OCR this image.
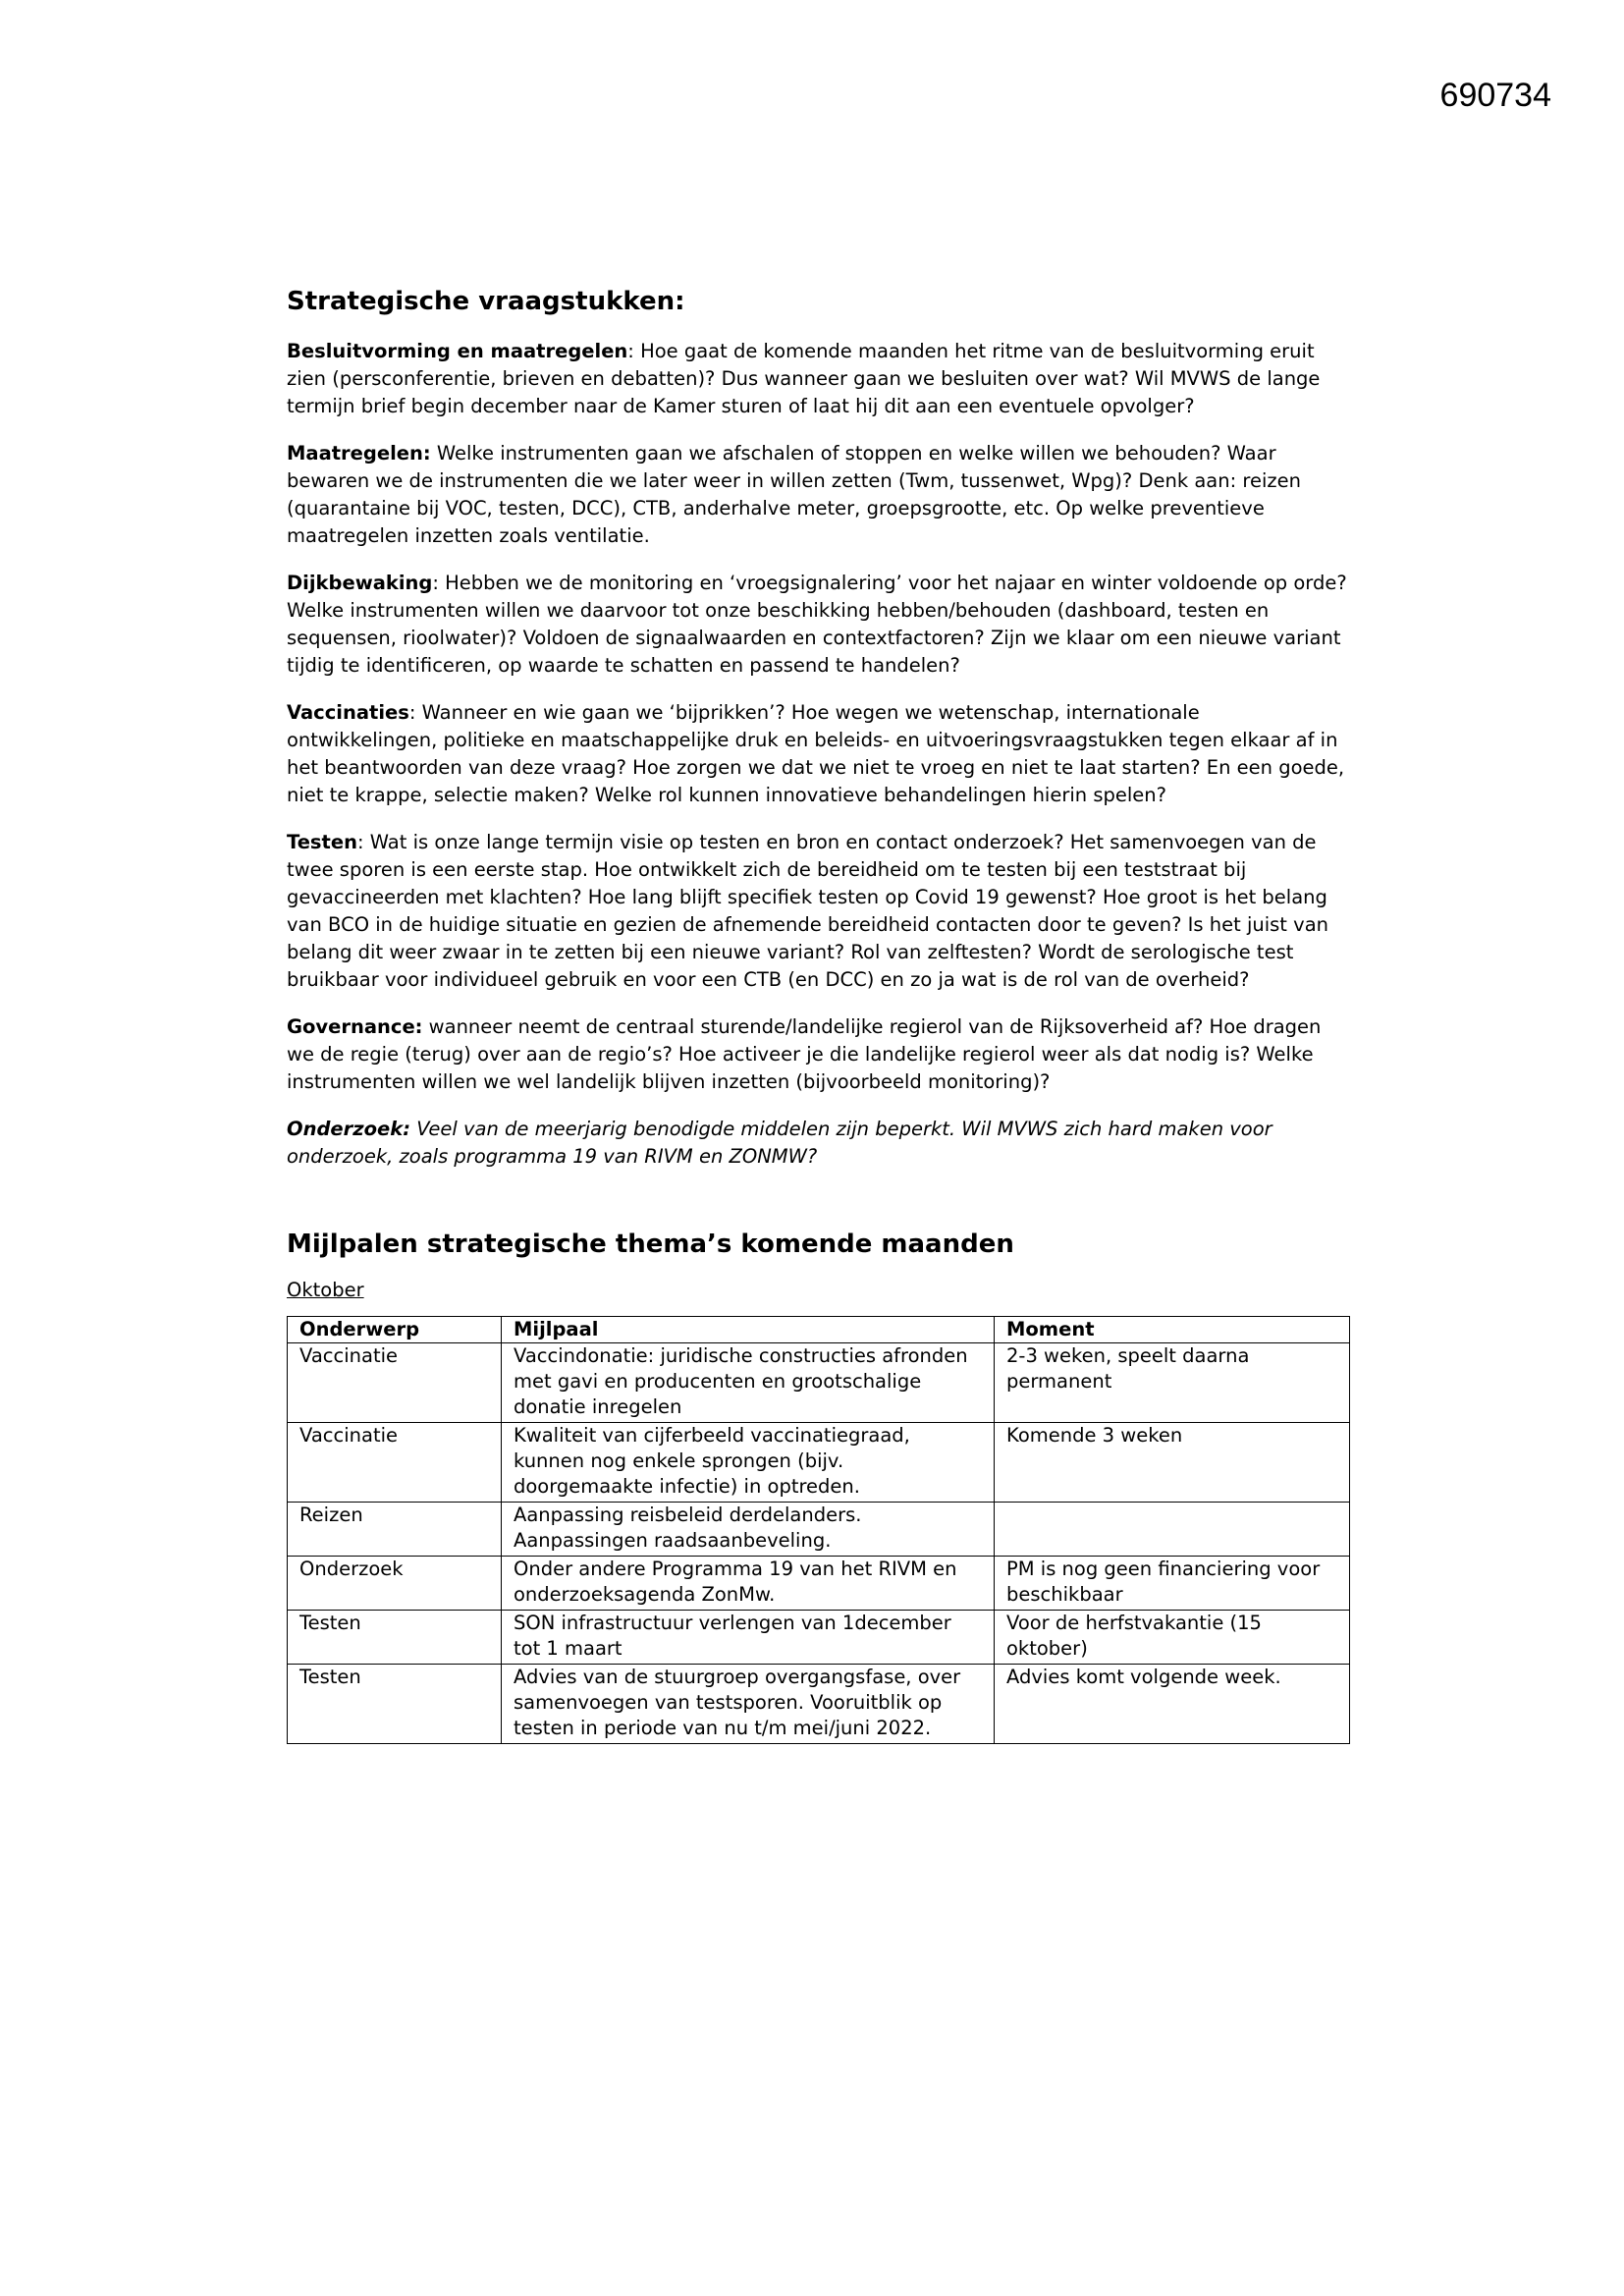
690734
Strategische vraagstukken:

Besluitvorming en maatregelen: Hoe gaat de komende maanden het ritme van de besluitvorming eruit zien (persconferentie, brieven en debatten)? Dus wanneer gaan we besluiten over wat? Wil MVWS de lange termijn brief begin december naar de Kamer sturen of laat hij dit aan een eventuele opvolger?

Maatregelen: Welke instrumenten gaan we afschalen of stoppen en welke willen we behouden? Waar bewaren we de instrumenten die we later weer in willen zetten (Twm, tussenwet, Wpg)? Denk aan: reizen (quarantaine bij VOC, testen, DCC), CTB, anderhalve meter, groepsgrootte, etc. Op welke preventieve maatregelen inzetten zoals ventilatie.

Dijkbewaking: Hebben we de monitoring en ‘vroegsignalering’ voor het najaar en winter voldoende op orde? Welke instrumenten willen we daarvoor tot onze beschikking hebben/behouden (dashboard, testen en sequensen, rioolwater)? Voldoen de signaalwaarden en contextfactoren? Zijn we klaar om een nieuwe variant tijdig te identificeren, op waarde te schatten en passend te handelen?

Vaccinaties: Wanneer en wie gaan we ‘bijprikken’? Hoe wegen we wetenschap, internationale ontwikkelingen, politieke en maatschappelijke druk en beleids- en uitvoeringsvraagstukken tegen elkaar af in het beantwoorden van deze vraag? Hoe zorgen we dat we niet te vroeg en niet te laat starten? En een goede, niet te krappe, selectie maken? Welke rol kunnen innovatieve behandelingen hierin spelen?

Testen: Wat is onze lange termijn visie op testen en bron en contact onderzoek? Het samenvoegen van de twee sporen is een eerste stap. Hoe ontwikkelt zich de bereidheid om te testen bij een teststraat bij gevaccineerden met klachten? Hoe lang blijft specifiek testen op Covid 19 gewenst? Hoe groot is het belang van BCO in de huidige situatie en gezien de afnemende bereidheid contacten door te geven? Is het juist van belang dit weer zwaar in te zetten bij een nieuwe variant? Rol van zelftesten? Wordt de serologische test bruikbaar voor individueel gebruik en voor een CTB (en DCC) en zo ja wat is de rol van de overheid?

Governance: wanneer neemt de centraal sturende/landelijke regierol van de Rijksoverheid af? Hoe dragen we de regie (terug) over aan de regio’s? Hoe activeer je die landelijke regierol weer als dat nodig is? Welke instrumenten willen we wel landelijk blijven inzetten (bijvoorbeeld monitoring)?

Onderzoek: Veel van de meerjarig benodigde middelen zijn beperkt. Wil MVWS zich hard maken voor onderzoek, zoals programma 19 van RIVM en ZONMW?

Mijlpalen strategische thema’s komende maanden
Oktober
Onderwerp	Mijlpaal	Moment
Vaccinatie	Vaccindonatie: juridische constructies afronden met gavi en producenten en grootschalige donatie inregelen	2-3 weken, speelt daarna permanent
Vaccinatie	Kwaliteit van cijferbeeld vaccinatiegraad, kunnen nog enkele sprongen (bijv. doorgemaakte infectie) in optreden.	Komende 3 weken
Reizen	Aanpassing reisbeleid derdelanders. Aanpassingen raadsaanbeveling.	
Onderzoek	Onder andere Programma 19 van het RIVM en onderzoeksagenda ZonMw.	PM is nog geen financiering voor beschikbaar
Testen	SON infrastructuur verlengen van 1december tot 1 maart	Voor de herfstvakantie (15 oktober)
Testen	Advies van de stuurgroep overgangsfase, over samenvoegen van testsporen. Vooruitblik op testen in periode van nu t/m mei/juni 2022.	Advies komt volgende week.
